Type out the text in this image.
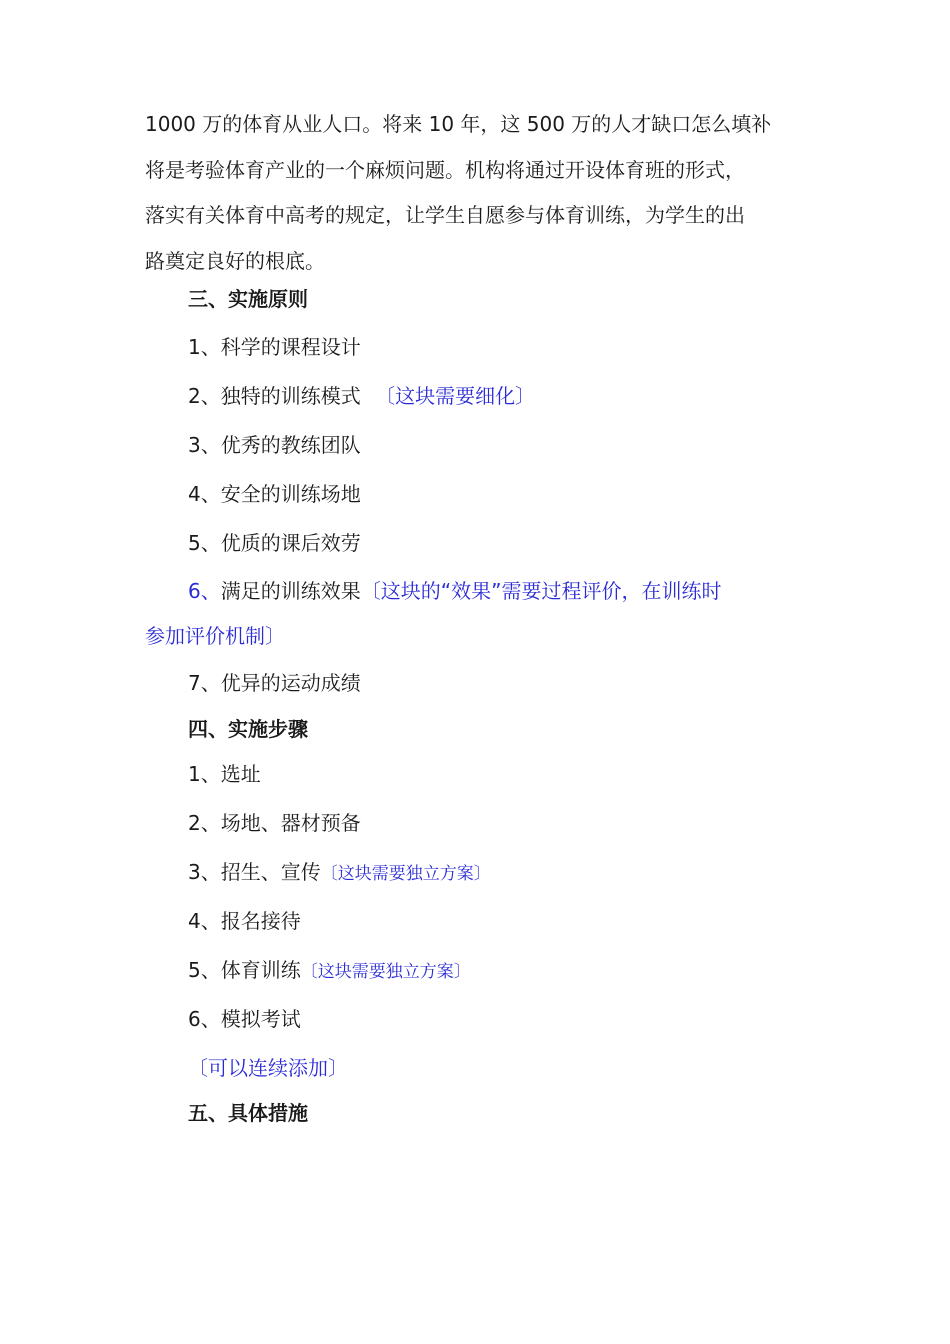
1000 万的体育从业人口。将来 10 年，这 500 万的人才缺口怎么填补

将是考验体育产业的一个麻烦问题。机构将通过开设体育班的形式，

落实有关体育中高考的规定，让学生自愿参与体育训练，为学生的出

路奠定良好的根底。

三、实施原则
1、科学的课程设计
2、独特的训练模式 〔这块需要细化〕
3、优秀的教练团队
4、安全的训练场地
5、优质的课后效劳
6、满足的训练效果〔这块的“效果”需要过程评价，在训练时
参加评价机制〕
7、优异的运动成绩
四、实施步骤
1、选址
2、场地、器材预备
3、招生、宣传〔这块需要独立方案〕
4、报名接待
5、体育训练〔这块需要独立方案〕
6、模拟考试
〔可以连续添加〕
五、具体措施
